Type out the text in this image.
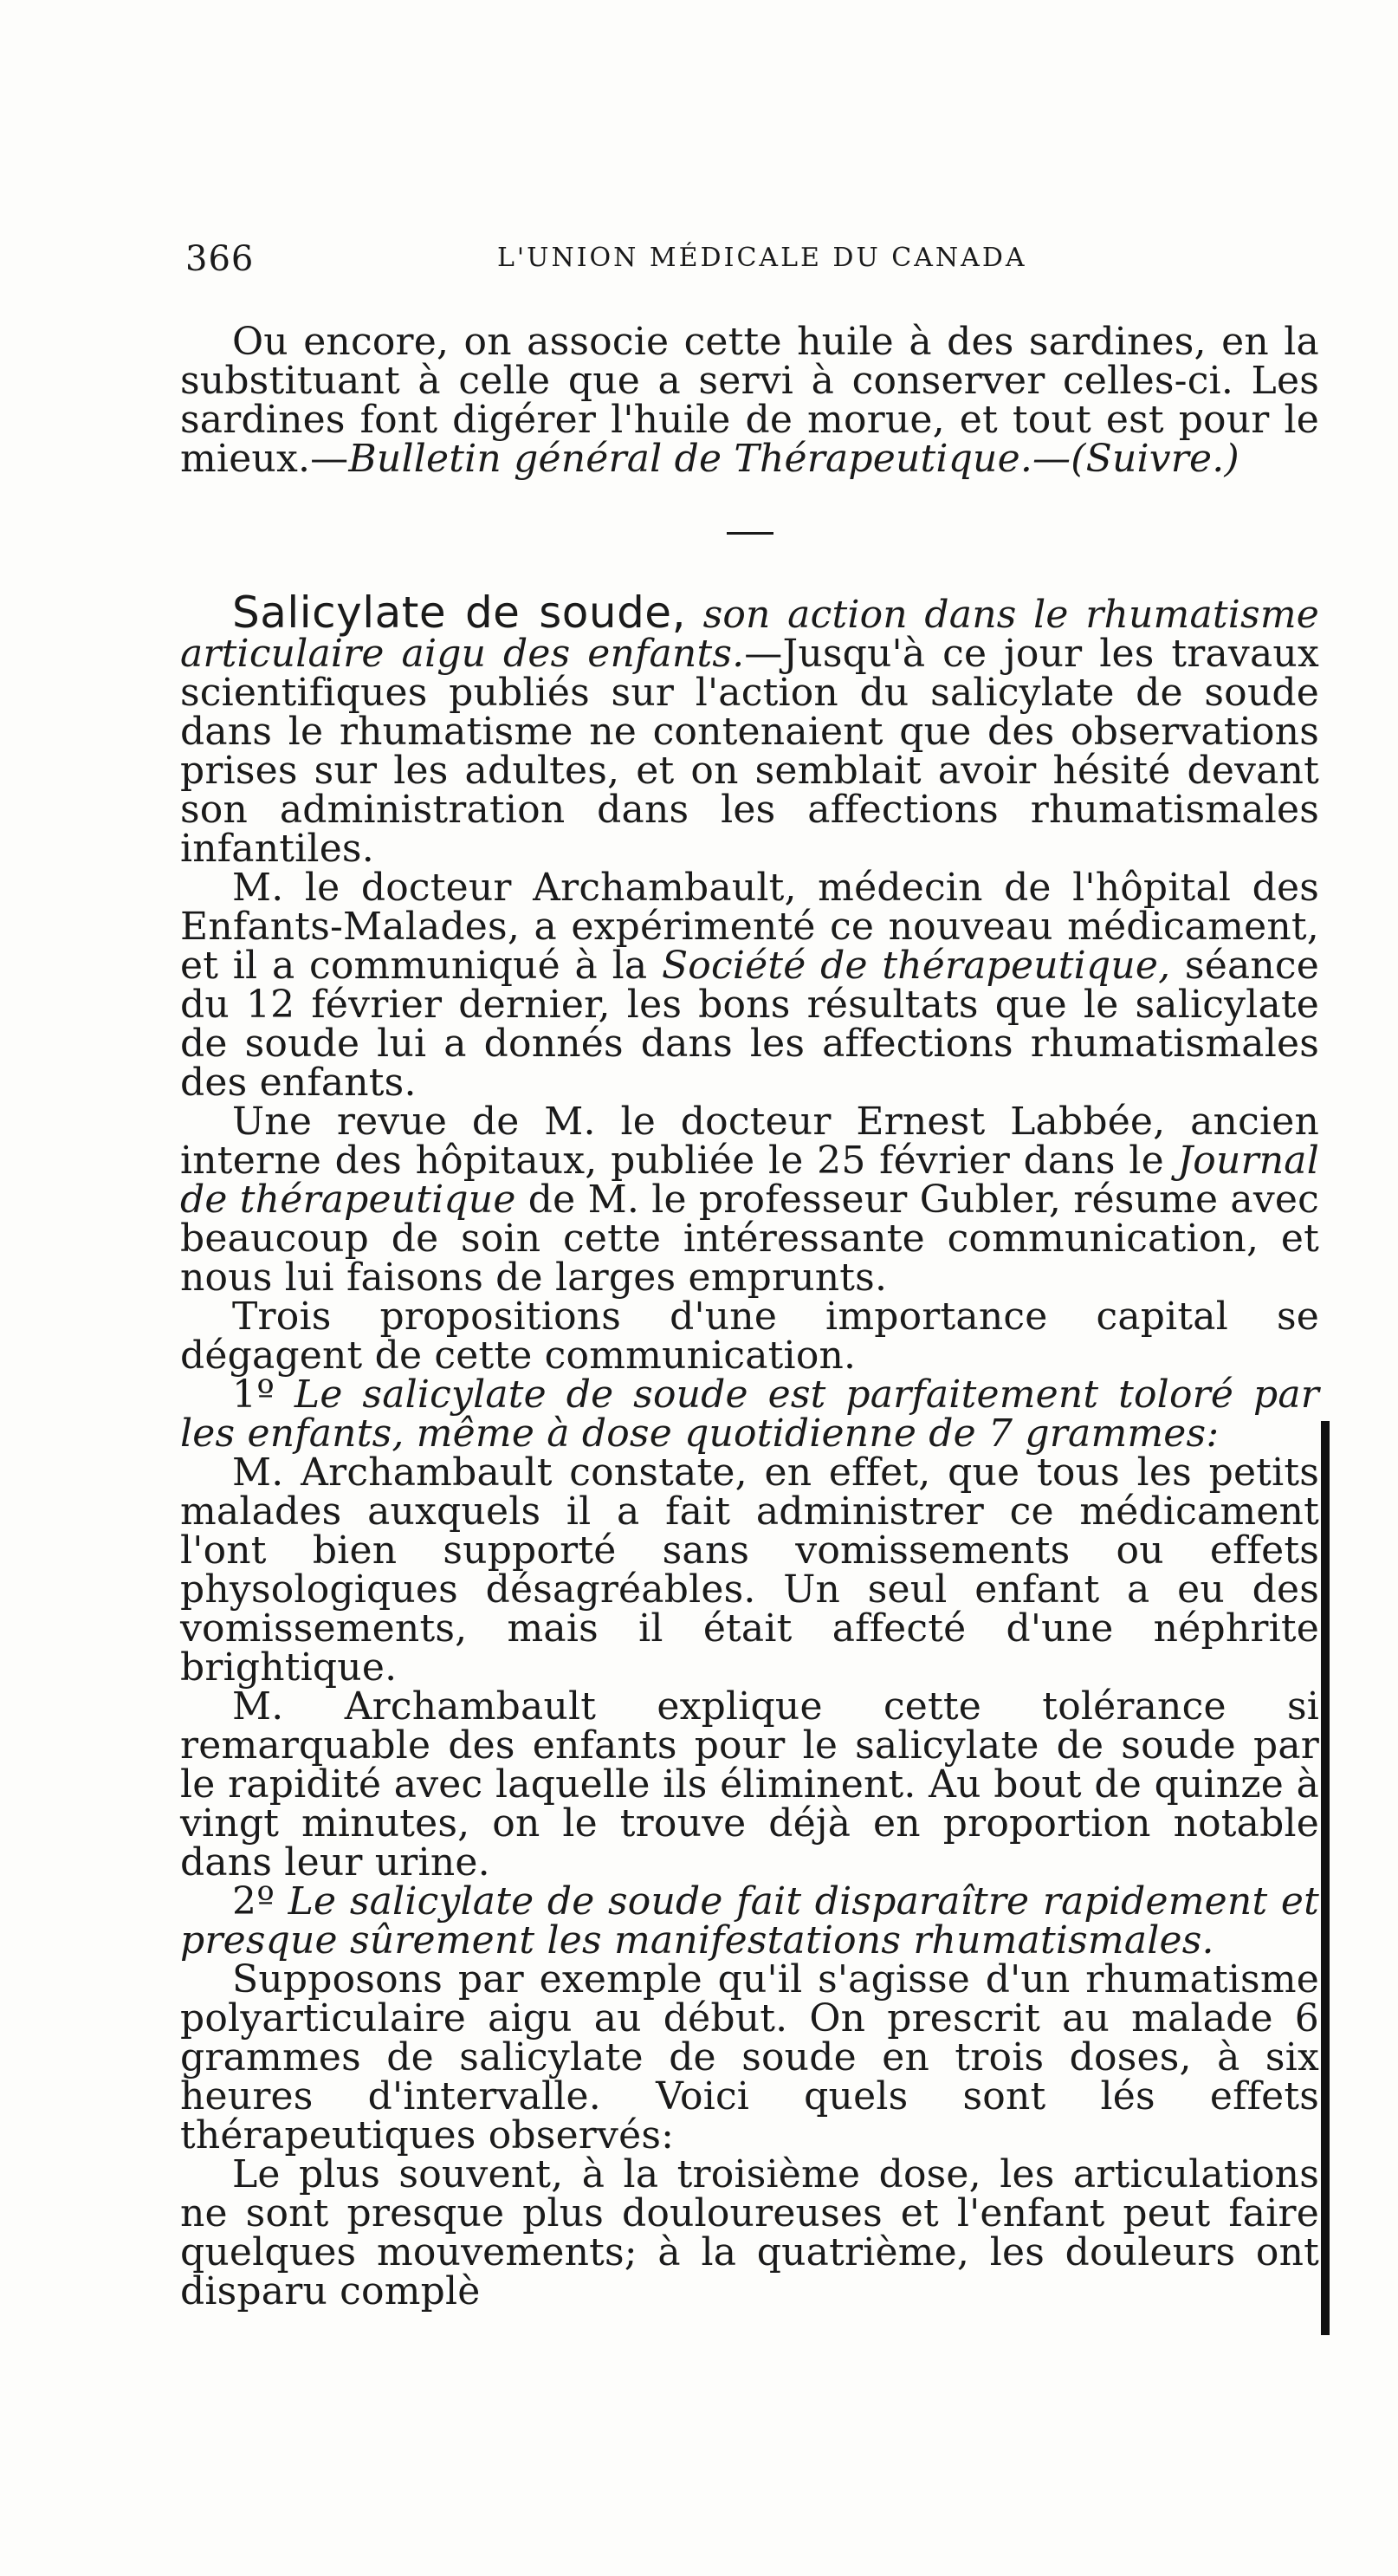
366	L'UNION MÉDICALE DU CANADA

Ou encore, on associe cette huile à des sardines, en la substituant à celle que a servi à conserver celles-ci. Les sardines font digérer l'huile de morue, et tout est pour le mieux.—Bulletin général de Thérapeutique.—(Suivre.)

Salicylate de soude, son action dans le rhumatisme articulaire aigu des enfants.—Jusqu'à ce jour les travaux scientifiques publiés sur l'action du salicylate de soude dans le rhumatisme ne contenaient que des observations prises sur les adultes, et on semblait avoir hésité devant son administration dans les affections rhumatismales infantiles.

M. le docteur Archambault, médecin de l'hôpital des Enfants-Malades, a expérimenté ce nouveau médicament, et il a communiqué à la Société de thérapeutique, séance du 12 février dernier, les bons résultats que le salicylate de soude lui a donnés dans les affections rhumatismales des enfants.

Une revue de M. le docteur Ernest Labbée, ancien interne des hôpitaux, publiée le 25 février dans le Journal de thérapeutique de M. le professeur Gubler, résume avec beaucoup de soin cette intéressante communication, et nous lui faisons de larges emprunts.

Trois propositions d'une importance capital se dégagent de cette communication.

1º Le salicylate de soude est parfaitement toloré par les enfants, même à dose quotidienne de 7 grammes:

M. Archambault constate, en effet, que tous les petits malades auxquels il a fait administrer ce médicament l'ont bien supporté sans vomissements ou effets physologiques désagréables. Un seul enfant a eu des vomissements, mais il était affecté d'une néphrite brightique.

M. Archambault explique cette tolérance si remarquable des enfants pour le salicylate de soude par le rapidité avec laquelle ils éliminent. Au bout de quinze à vingt minutes, on le trouve déjà en proportion notable dans leur urine.

2º Le salicylate de soude fait disparaître rapidement et presque sûrement les manifestations rhumatismales.

Supposons par exemple qu'il s'agisse d'un rhumatisme polyarticulaire aigu au début. On prescrit au malade 6 grammes de salicylate de soude en trois doses, à six heures d'intervalle. Voici quels sont lés effets thérapeutiques observés:

Le plus souvent, à la troisième dose, les articulations ne sont presque plus douloureuses et l'enfant peut faire quelques mouvements; à la quatrième, les douleurs ont disparu complè
